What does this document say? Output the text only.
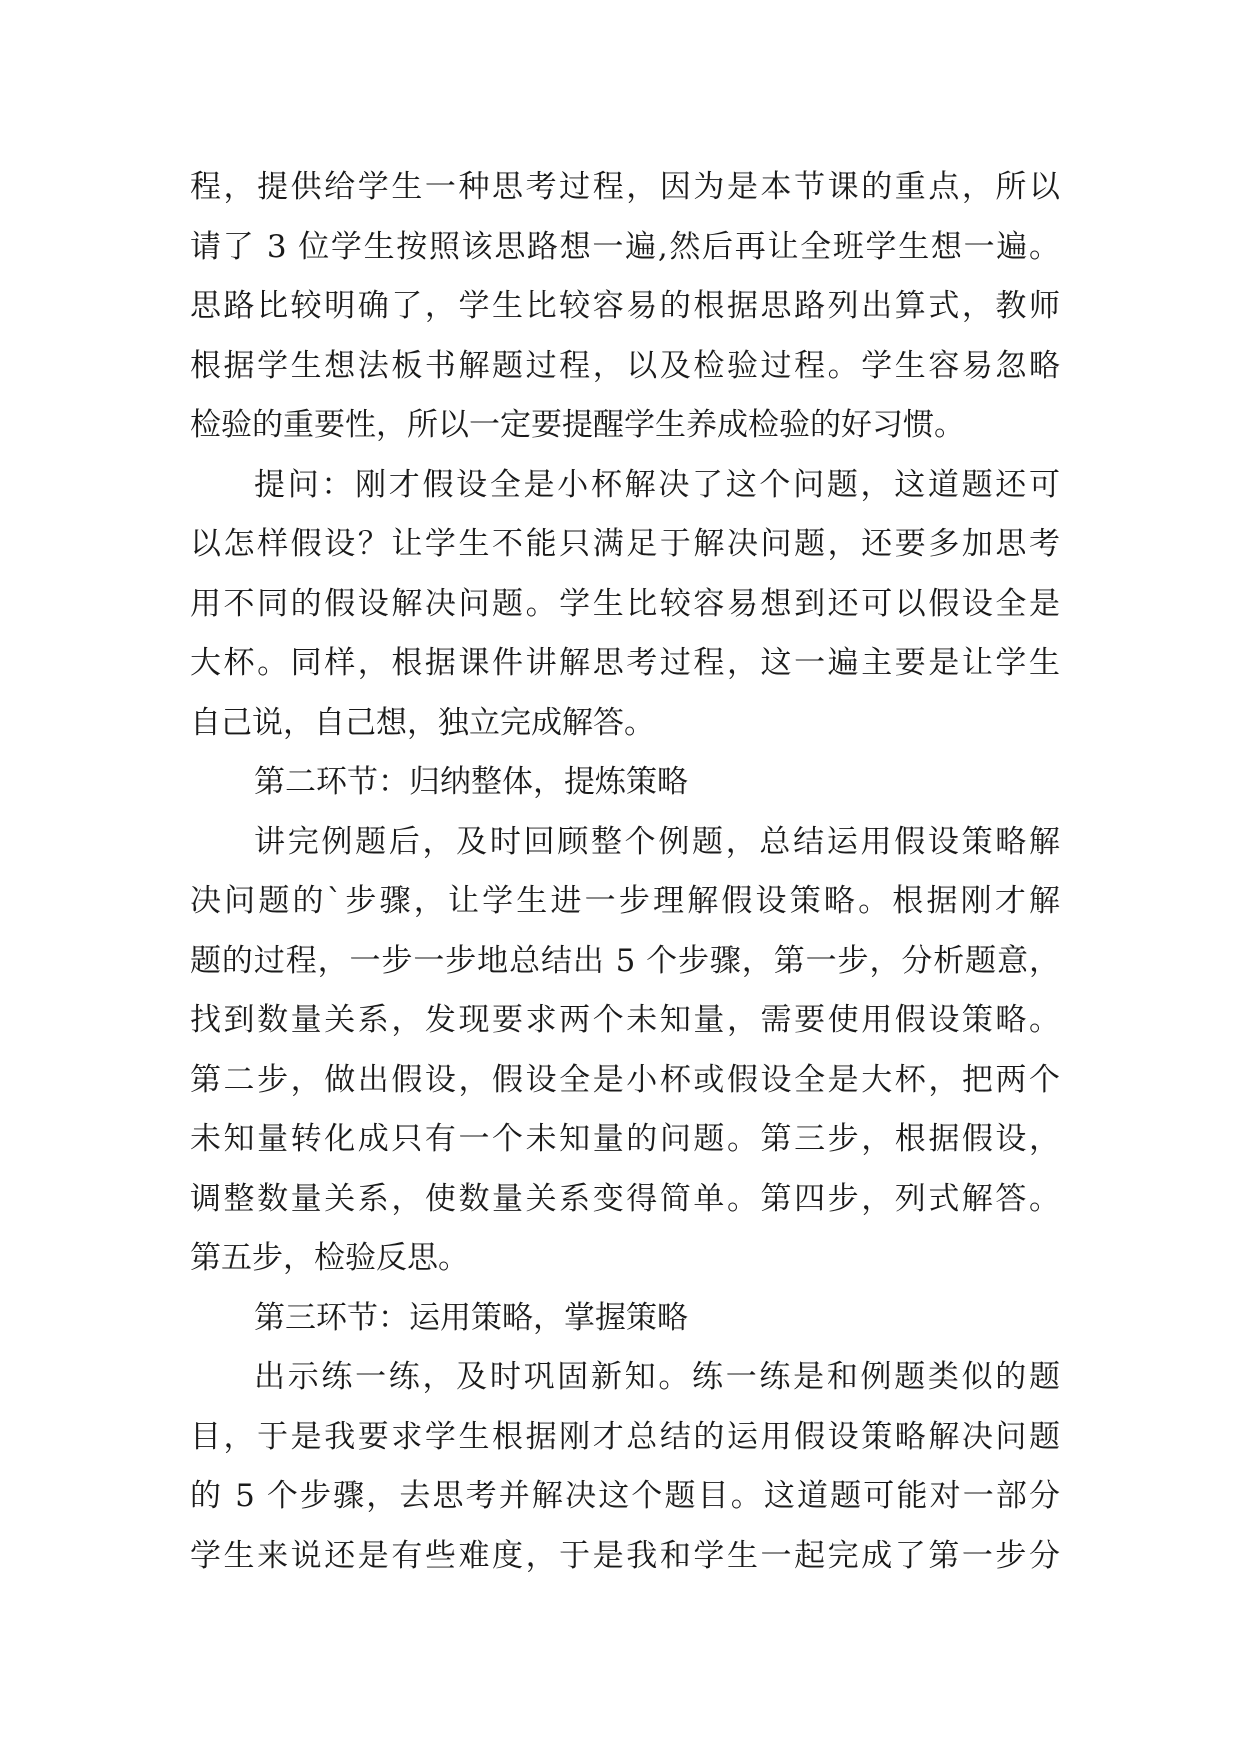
程，提供给学生一种思考过程，因为是本节课的重点，所以
请了 3 位学生按照该思路想一遍,然后再让全班学生想一遍。
思路比较明确了，学生比较容易的根据思路列出算式，教师
根据学生想法板书解题过程，以及检验过程。学生容易忽略
检验的重要性，所以一定要提醒学生养成检验的好习惯。
提问：刚才假设全是小杯解决了这个问题，这道题还可
以怎样假设？让学生不能只满足于解决问题，还要多加思考
用不同的假设解决问题。学生比较容易想到还可以假设全是
大杯。同样，根据课件讲解思考过程，这一遍主要是让学生
自己说，自己想，独立完成解答。
第二环节：归纳整体，提炼策略
讲完例题后，及时回顾整个例题，总结运用假设策略解
决问题的`步骤，让学生进一步理解假设策略。根据刚才解
题的过程，一步一步地总结出 5 个步骤，第一步，分析题意，
找到数量关系，发现要求两个未知量，需要使用假设策略。
第二步，做出假设，假设全是小杯或假设全是大杯，把两个
未知量转化成只有一个未知量的问题。第三步，根据假设，
调整数量关系，使数量关系变得简单。第四步，列式解答。
第五步，检验反思。
第三环节：运用策略，掌握策略
出示练一练，及时巩固新知。练一练是和例题类似的题
目，于是我要求学生根据刚才总结的运用假设策略解决问题
的 5 个步骤，去思考并解决这个题目。这道题可能对一部分
学生来说还是有些难度，于是我和学生一起完成了第一步分
